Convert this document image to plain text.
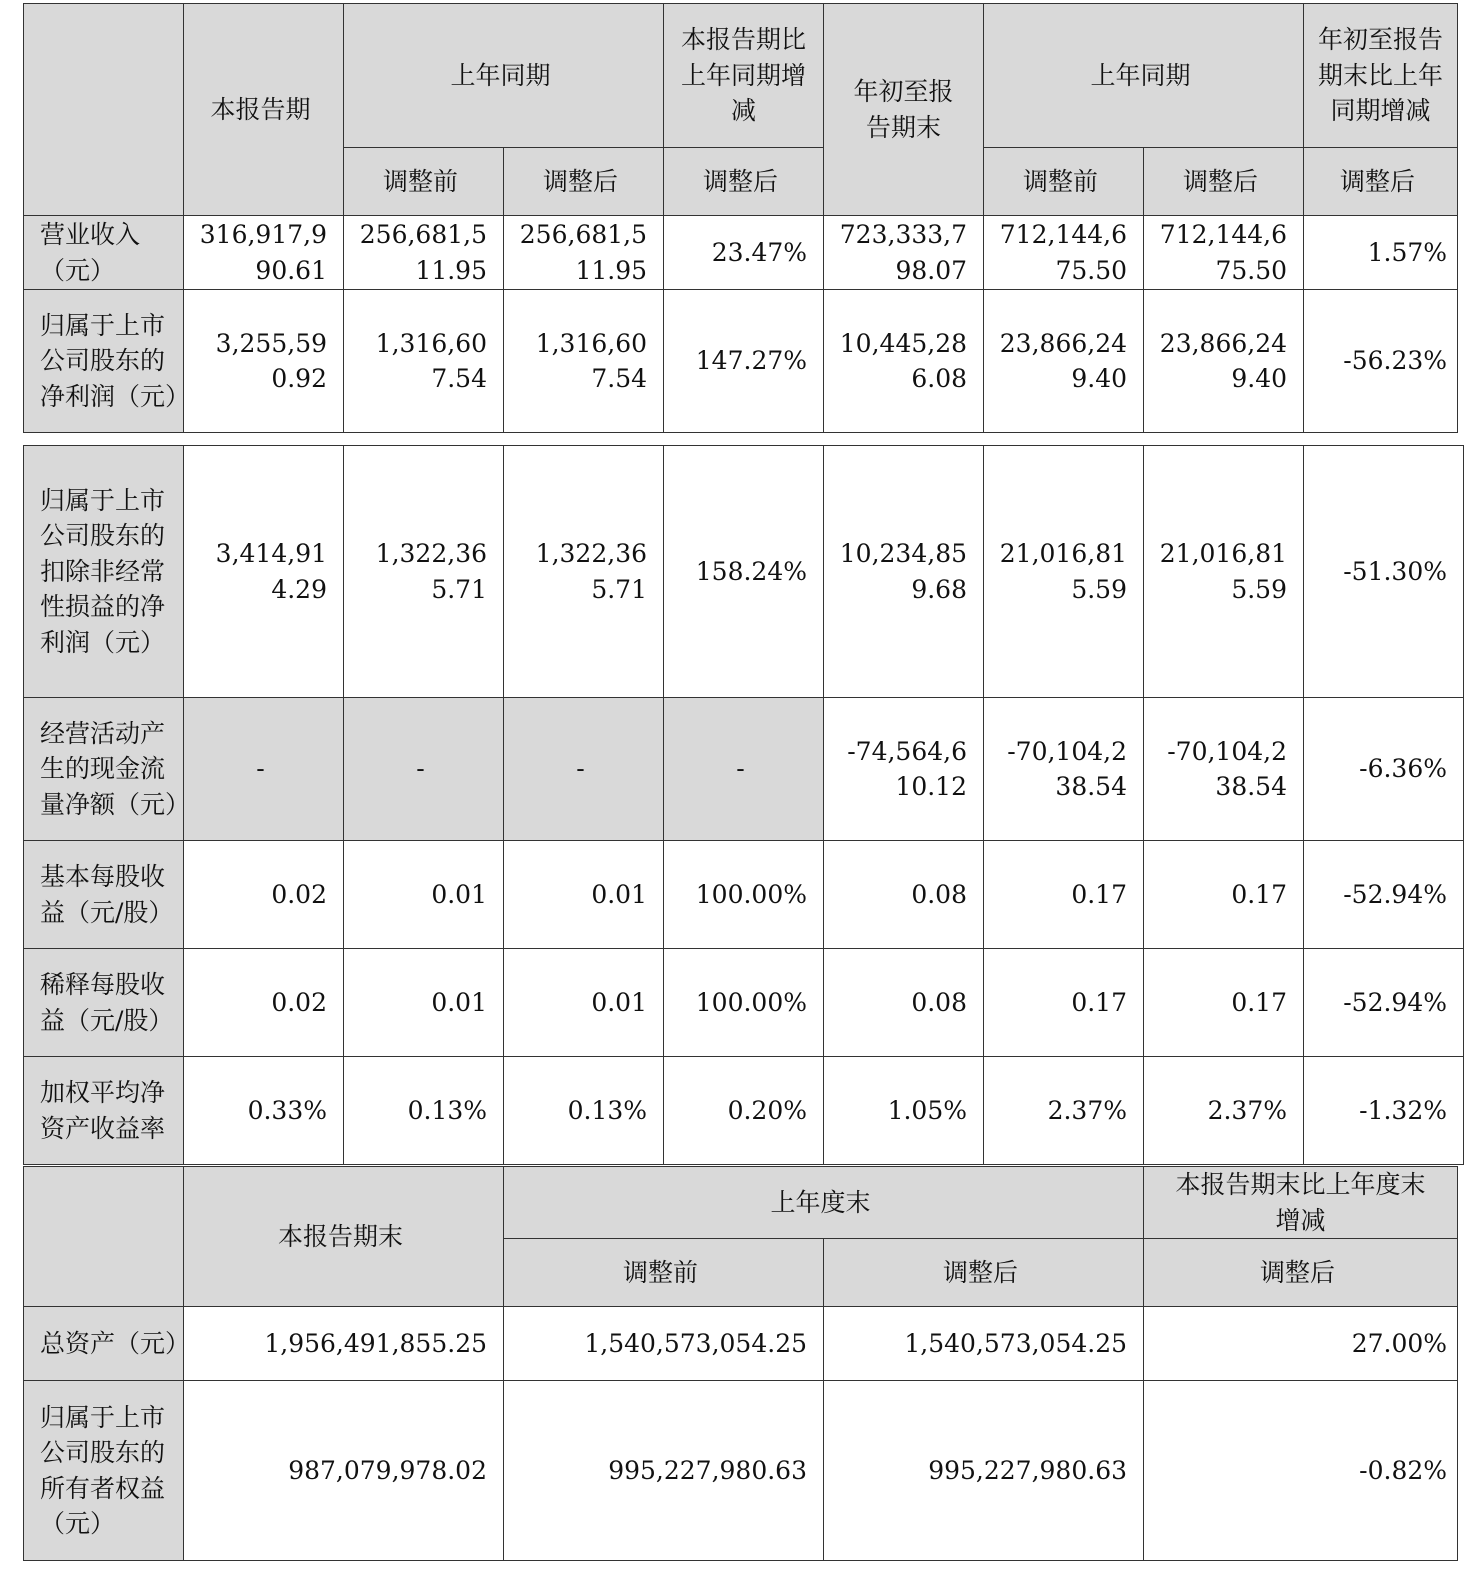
	本报告期	上年同期		本报告期比上年同期增减	年初至报告期末	上年同期		年初至报告期末比上年同期增减
		调整前	调整后	调整后		调整前	调整后	调整后
营业收入（元）	316,917,990.61	256,681,511.95	256,681,511.95	23.47%	723,333,798.07	712,144,675.50	712,144,675.50	1.57%
归属于上市公司股东的净利润（元）	3,255,590.92	1,316,607.54	1,316,607.54	147.27%	10,445,286.08	23,866,249.40	23,866,249.40	-56.23%
归属于上市公司股东的扣除非经常性损益的净利润（元）	3,414,914.29	1,322,365.71	1,322,365.71	158.24%	10,234,859.68	21,016,815.59	21,016,815.59	-51.30%
经营活动产生的现金流量净额（元）	-	-	-	-	-74,564,610.12	-70,104,238.54	-70,104,238.54	-6.36%
基本每股收益（元/股）	0.02	0.01	0.01	100.00%	0.08	0.17	0.17	-52.94%
稀释每股收益（元/股）	0.02	0.01	0.01	100.00%	0.08	0.17	0.17	-52.94%
加权平均净资产收益率	0.33%	0.13%	0.13%	0.20%	1.05%	2.37%	2.37%	-1.32%
	本报告期末	上年度末		本报告期末比上年度末增减
		调整前	调整后	调整后
总资产（元）	1,956,491,855.25	1,540,573,054.25	1,540,573,054.25	27.00%
归属于上市公司股东的所有者权益（元）	987,079,978.02	995,227,980.63	995,227,980.63	-0.82%
